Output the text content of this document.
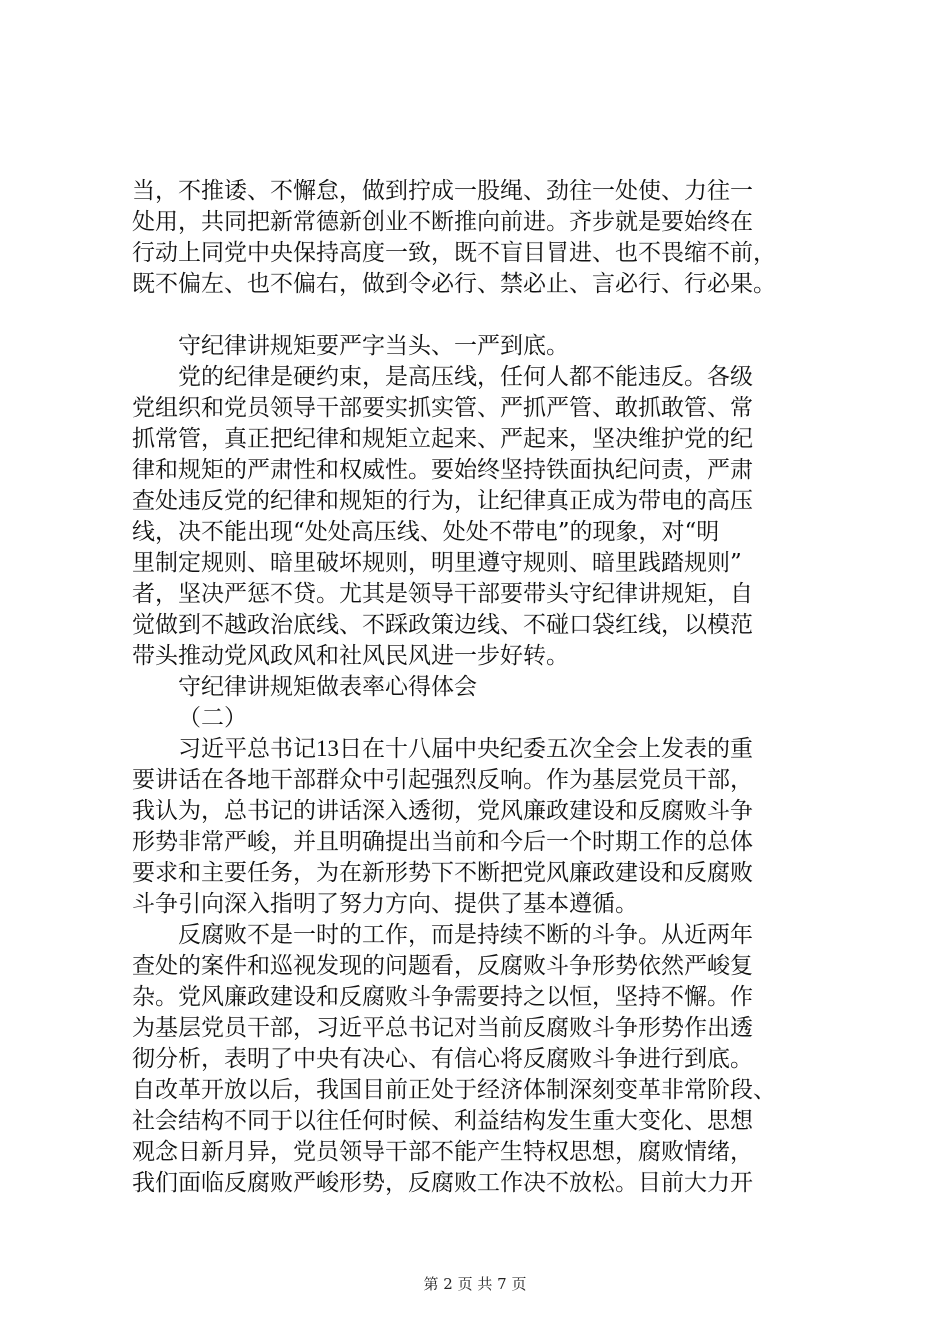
当，不推诿、不懈怠，做到拧成一股绳、劲往一处使、力往一
处用，共同把新常德新创业不断推向前进。齐步就是要始终在
行动上同党中央保持高度一致，既不盲目冒进、也不畏缩不前，
既不偏左、也不偏右，做到令必行、禁必止、言必行、行必果。
守纪律讲规矩要严字当头、一严到底。
党的纪律是硬约束，是高压线，任何人都不能违反。各级
党组织和党员领导干部要实抓实管、严抓严管、敢抓敢管、常
抓常管，真正把纪律和规矩立起来、严起来，坚决维护党的纪
律和规矩的严肃性和权威性。要始终坚持铁面执纪问责，严肃
查处违反党的纪律和规矩的行为，让纪律真正成为带电的高压
线，决不能出现“处处高压线、处处不带电”的现象，对“明
里制定规则、暗里破坏规则，明里遵守规则、暗里践踏规则”
者，坚决严惩不贷。尤其是领导干部要带头守纪律讲规矩，自
觉做到不越政治底线、不踩政策边线、不碰口袋红线，以模范
带头推动党风政风和社风民风进一步好转。
守纪律讲规矩做表率心得体会
（二）
习近平总书记13日在十八届中央纪委五次全会上发表的重
要讲话在各地干部群众中引起强烈反响。作为基层党员干部，
我认为，总书记的讲话深入透彻，党风廉政建设和反腐败斗争
形势非常严峻，并且明确提出当前和今后一个时期工作的总体
要求和主要任务，为在新形势下不断把党风廉政建设和反腐败
斗争引向深入指明了努力方向、提供了基本遵循。
反腐败不是一时的工作，而是持续不断的斗争。从近两年
查处的案件和巡视发现的问题看，反腐败斗争形势依然严峻复
杂。党风廉政建设和反腐败斗争需要持之以恒，坚持不懈。作
为基层党员干部，习近平总书记对当前反腐败斗争形势作出透
彻分析，表明了中央有决心、有信心将反腐败斗争进行到底。
自改革开放以后，我国目前正处于经济体制深刻变革非常阶段、
社会结构不同于以往任何时候、利益结构发生重大变化、思想
观念日新月异，党员领导干部不能产生特权思想，腐败情绪，
我们面临反腐败严峻形势，反腐败工作决不放松。目前大力开
第 2 页 共 7 页
